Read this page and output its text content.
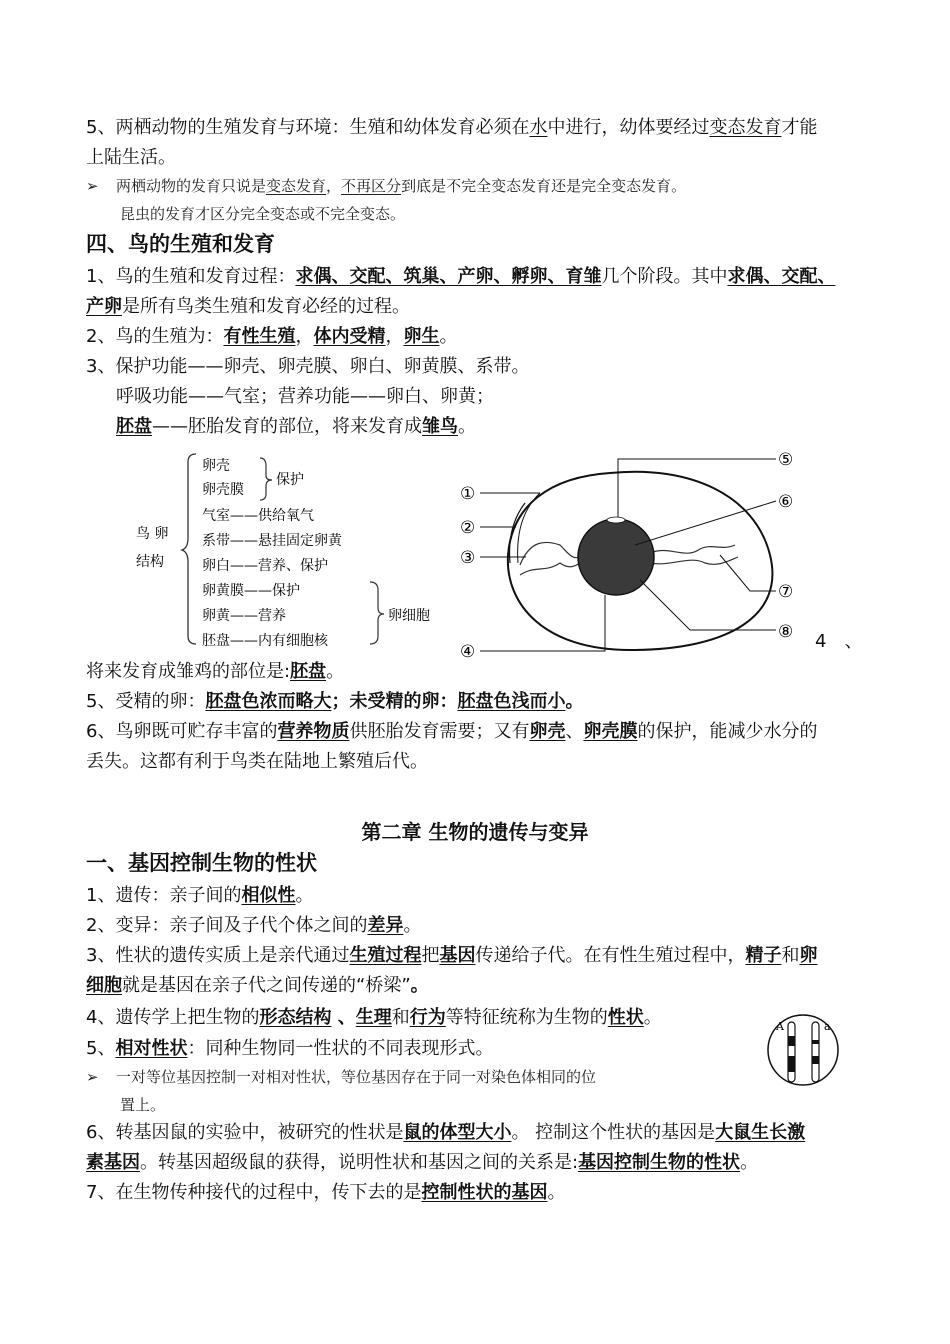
5、两栖动物的生殖发育与环境：生殖和幼体发育必须在水中进行，幼体要经过变态发育才能
上陆生活。
➢ 两栖动物的发育只说是变态发育，不再区分到底是不完全变态发育还是完全变态发育。
昆虫的发育才区分完全变态或不完全变态。
四、鸟的生殖和发育
1、鸟的生殖和发育过程：求偶、交配、筑巢、产卵、孵卵、育雏几个阶段。其中求偶、交配、
产卵是所有鸟类生殖和发育必经的过程。
2、鸟的生殖为：有性生殖，体内受精，卵生。
3、保护功能——卵壳、卵壳膜、卵白、卵黄膜、系带。
呼吸功能——气室；营养功能——卵白、卵黄；
胚盘——胚胎发育的部位，将来发育成雏鸟。
鸟 卵
结构
卵壳
卵壳膜
保护
气室——供给氧气
系带——悬挂固定卵黄
卵白——营养、保护
卵黄膜——保护
卵黄——营养
胚盘——内有细胞核
卵细胞
①
②
③
④
⑤
⑥
⑦
⑧ 4　、
将来发育成雏鸡的部位是:胚盘。
5、受精的卵：胚盘色浓而略大；未受精的卵：胚盘色浅而小。
6、鸟卵既可贮存丰富的营养物质供胚胎发育需要；又有卵壳、卵壳膜的保护，能减少水分的
丢失。这都有利于鸟类在陆地上繁殖后代。
第二章 生物的遗传与变异
一、基因控制生物的性状
1、遗传：亲子间的相似性。
2、变异：亲子间及子代个体之间的差异。
3、性状的遗传实质上是亲代通过生殖过程把基因传递给子代。在有性生殖过程中，精子和卵
细胞就是基因在亲子代之间传递的“桥梁”。
4、遗传学上把生物的形态结构 、生理和行为等特征统称为生物的性状。
5、相对性状：同种生物同一性状的不同表现形式。
➢ 一对等位基因控制一对相对性状，等位基因存在于同一对染色体相同的位
置上。
A	a
6、转基因鼠的实验中，被研究的性状是鼠的体型大小。 控制这个性状的基因是大鼠生长激
素基因。转基因超级鼠的获得，说明性状和基因之间的关系是:基因控制生物的性状。
7、在生物传种接代的过程中，传下去的是控制性状的基因。
